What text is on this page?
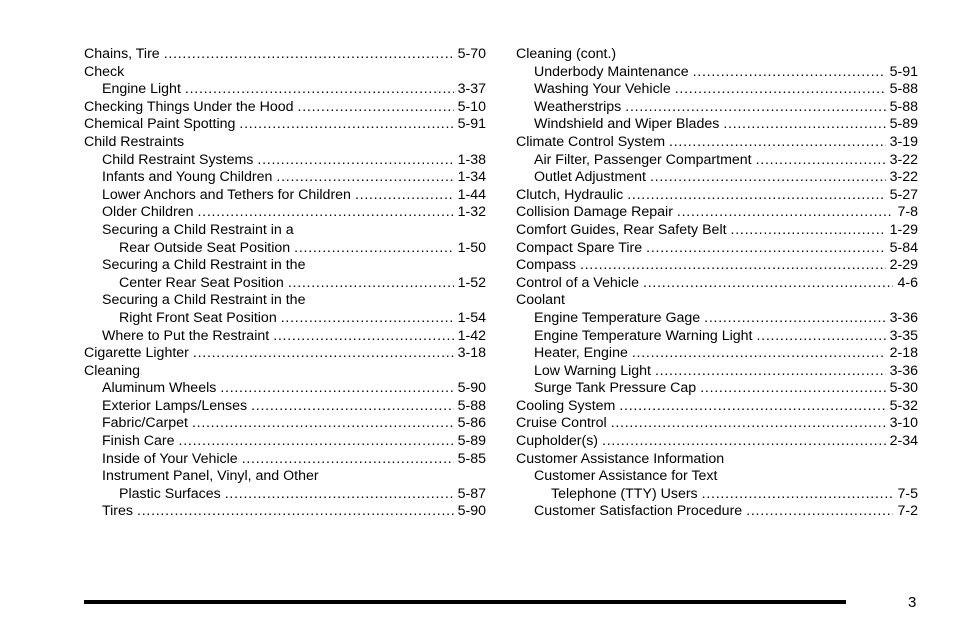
Chains, Tire . . .	5-70
Check
Engine Light . . .	3-37
Checking Things Under the Hood . . .	5-10
Chemical Paint Spotting . . .	5-91
Child Restraints
Child Restraint Systems . . .	1-38
Infants and Young Children . . .	1-34
Lower Anchors and Tethers for Children . . .	1-44
Older Children . . .	1-32
Securing a Child Restraint in a
Rear Outside Seat Position . . .	1-50
Securing a Child Restraint in the
Center Rear Seat Position . . .	1-52
Securing a Child Restraint in the
Right Front Seat Position . . .	1-54
Where to Put the Restraint . . .	1-42
Cigarette Lighter . . .	3-18
Cleaning
Aluminum Wheels . . .	5-90
Exterior Lamps/Lenses . . .	5-88
Fabric/Carpet . . .	5-86
Finish Care . . .	5-89
Inside of Your Vehicle . . .	5-85
Instrument Panel, Vinyl, and Other
Plastic Surfaces . . .	5-87
Tires . . .	5-90
Cleaning (cont.)
Underbody Maintenance . . .	5-91
Washing Your Vehicle . . .	5-88
Weatherstrips . . .	5-88
Windshield and Wiper Blades . . .	5-89
Climate Control System . . .	3-19
Air Filter, Passenger Compartment . . .	3-22
Outlet Adjustment . . .	3-22
Clutch, Hydraulic . . .	5-27
Collision Damage Repair . . .	7-8
Comfort Guides, Rear Safety Belt . . .	1-29
Compact Spare Tire . . .	5-84
Compass . . .	2-29
Control of a Vehicle . . .	4-6
Coolant
Engine Temperature Gage . . .	3-36
Engine Temperature Warning Light . . .	3-35
Heater, Engine . . .	2-18
Low Warning Light . . .	3-36
Surge Tank Pressure Cap . . .	5-30
Cooling System . . .	5-32
Cruise Control . . .	3-10
Cupholder(s) . . .	2-34
Customer Assistance Information
Customer Assistance for Text
Telephone (TTY) Users . . .	7-5
Customer Satisfaction Procedure . . .	7-2
3
